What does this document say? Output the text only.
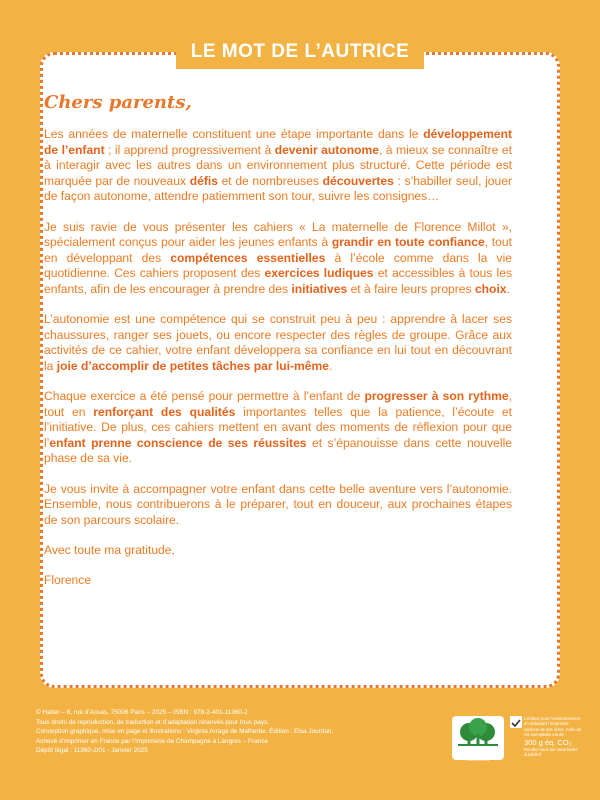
LE MOT DE L’AUTRICE
Chers parents,
Les années de maternelle constituent une étape importante dans le développement de l’enfant ; il apprend progressivement à devenir autonome, à mieux se connaître et à interagir avec les autres dans un environnement plus structuré. Cette période est marquée par de nouveaux défis et de nombreuses découvertes : s’habiller seul, jouer de façon autonome, attendre patiemment son tour, suivre les consignes…
Je suis ravie de vous présenter les cahiers « La maternelle de Florence Millot », spécialement conçus pour aider les jeunes enfants à grandir en toute confiance, tout en développant des compétences essentielles à l’école comme dans la vie quotidienne. Ces cahiers proposent des exercices ludiques et accessibles à tous les enfants, afin de les encourager à prendre des initiatives et à faire leurs propres choix.
L’autonomie est une compétence qui se construit peu à peu : apprendre à lacer ses chaussures, ranger ses jouets, ou encore respecter des règles de groupe. Grâce aux activités de ce cahier, votre enfant développera sa confiance en lui tout en découvrant la joie d’accomplir de petites tâches par lui-même.
Chaque exercice a été pensé pour permettre à l’enfant de progresser à son rythme, tout en renforçant des qualités importantes telles que la patience, l’écoute et l’initiative. De plus, ces cahiers mettent en avant des moments de réflexion pour que l’enfant prenne conscience de ses réussites et s’épanouisse dans cette nouvelle phase de sa vie.
Je vous invite à accompagner votre enfant dans cette belle aventure vers l’autonomie. Ensemble, nous contribuerons à le préparer, tout en douceur, aux prochaines étapes de son parcours scolaire.
Avec toute ma gratitude,
Florence
© Hatier – 8, rue d’Assas, 75006 Paris – 2025 – ISBN : 978-2-401-11360-2
Tous droits de reproduction, de traduction et d’adaptation réservés pour tous pays.
Conception graphique, mise en page et illustrations : Virginia Arraga de Malherbe. Édition : Elsa Jourdan.
Achevé d’imprimer en France par l’Imprimerie de Champagne à Langres – France
Dépôt légal : 11360-2/01 - Janvier 2025
PAPIER À BASE DE FIBRES CERTIFIÉES
L’éditeur pour l’environnement en réduisant l’empreinte carbone de ses livres. Celle de cet exemplaire est de :
300 g éq. CO₂
Rendez-vous sur www.hatier-durable.fr
